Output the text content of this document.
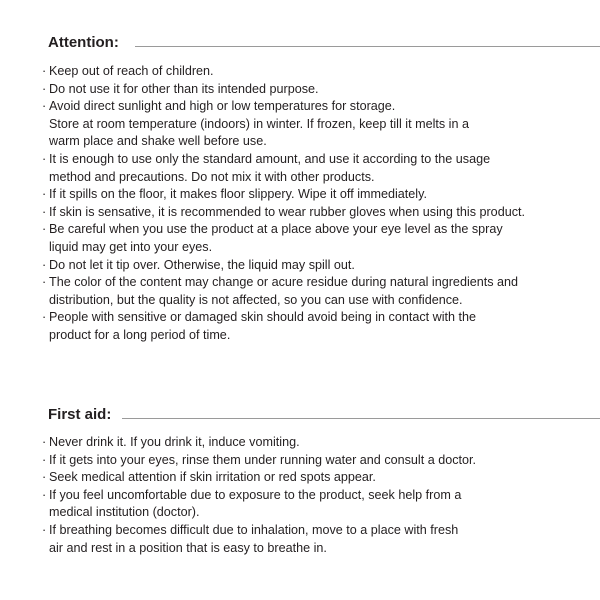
Attention:
· Keep out of reach of children.
· Do not use it for other than its intended purpose.
· Avoid direct sunlight and high or low temperatures for storage.
Store at room temperature (indoors) in winter. If frozen, keep till it melts in a
warm place and shake well before use.
· It is enough to use only the standard amount, and use it according to the usage
method and precautions. Do not mix it with other products.
· If it spills on the floor, it makes floor slippery. Wipe it off immediately.
· If skin is sensative, it is recommended to wear rubber gloves when using this product.
· Be careful when you use the product at a place above your eye level as the spray
liquid may get into your eyes.
· Do not let it tip over. Otherwise, the liquid may spill out.
· The color of the content may change or acure residue during natural ingredients and
distribution, but the quality is not affected, so you can use with confidence.
· People with sensitive or damaged skin should avoid being in contact with the
product for a long period of time.
First aid:
· Never drink it. If you drink it, induce vomiting.
· If it gets into your eyes, rinse them under running water and consult a doctor.
· Seek medical attention if skin irritation or red spots appear.
· If you feel uncomfortable due to exposure to the product, seek help from a
medical institution (doctor).
· If breathing becomes difficult due to inhalation, move to a place with fresh
air and rest in a position that is easy to breathe in.
